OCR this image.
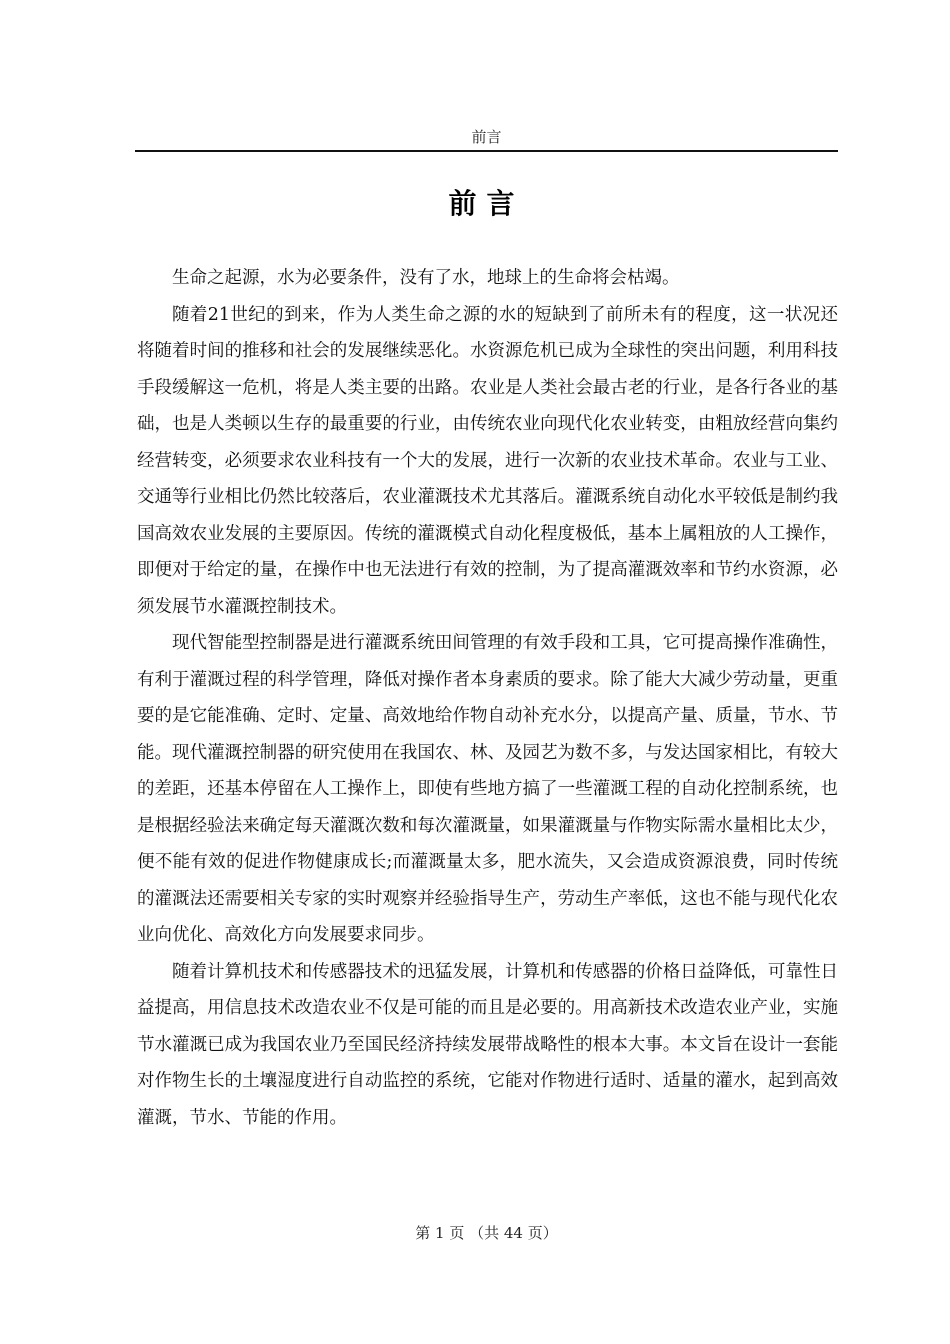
前言
前言

生命之起源，水为必要条件，没有了水，地球上的生命将会枯竭。

随着21世纪的到来，作为人类生命之源的水的短缺到了前所未有的程度，这一状况还将随着时间的推移和社会的发展继续恶化。水资源危机已成为全球性的突出问题，利用科技手段缓解这一危机，将是人类主要的出路。农业是人类社会最古老的行业，是各行各业的基础，也是人类顿以生存的最重要的行业，由传统农业向现代化农业转变，由粗放经营向集约经营转变，必须要求农业科技有一个大的发展，进行一次新的农业技术革命。农业与工业、交通等行业相比仍然比较落后，农业灌溉技术尤其落后。灌溉系统自动化水平较低是制约我国高效农业发展的主要原因。传统的灌溉模式自动化程度极低，基本上属粗放的人工操作，即便对于给定的量，在操作中也无法进行有效的控制，为了提高灌溉效率和节约水资源，必须发展节水灌溉控制技术。

现代智能型控制器是进行灌溉系统田间管理的有效手段和工具，它可提高操作准确性，有利于灌溉过程的科学管理，降低对操作者本身素质的要求。除了能大大减少劳动量，更重要的是它能准确、定时、定量、高效地给作物自动补充水分，以提高产量、质量，节水、节能。现代灌溉控制器的研究使用在我国农、林、及园艺为数不多，与发达国家相比，有较大的差距，还基本停留在人工操作上，即使有些地方搞了一些灌溉工程的自动化控制系统，也是根据经验法来确定每天灌溉次数和每次灌溉量，如果灌溉量与作物实际需水量相比太少，便不能有效的促进作物健康成长;而灌溉量太多，肥水流失，又会造成资源浪费，同时传统的灌溉法还需要相关专家的实时观察并经验指导生产，劳动生产率低，这也不能与现代化农业向优化、高效化方向发展要求同步。

随着计算机技术和传感器技术的迅猛发展，计算机和传感器的价格日益降低，可靠性日益提高，用信息技术改造农业不仅是可能的而且是必要的。用高新技术改造农业产业，实施节水灌溉已成为我国农业乃至国民经济持续发展带战略性的根本大事。本文旨在设计一套能对作物生长的土壤湿度进行自动监控的系统，它能对作物进行适时、适量的灌水，起到高效灌溉，节水、节能的作用。

第 1 页 （共 44 页）
